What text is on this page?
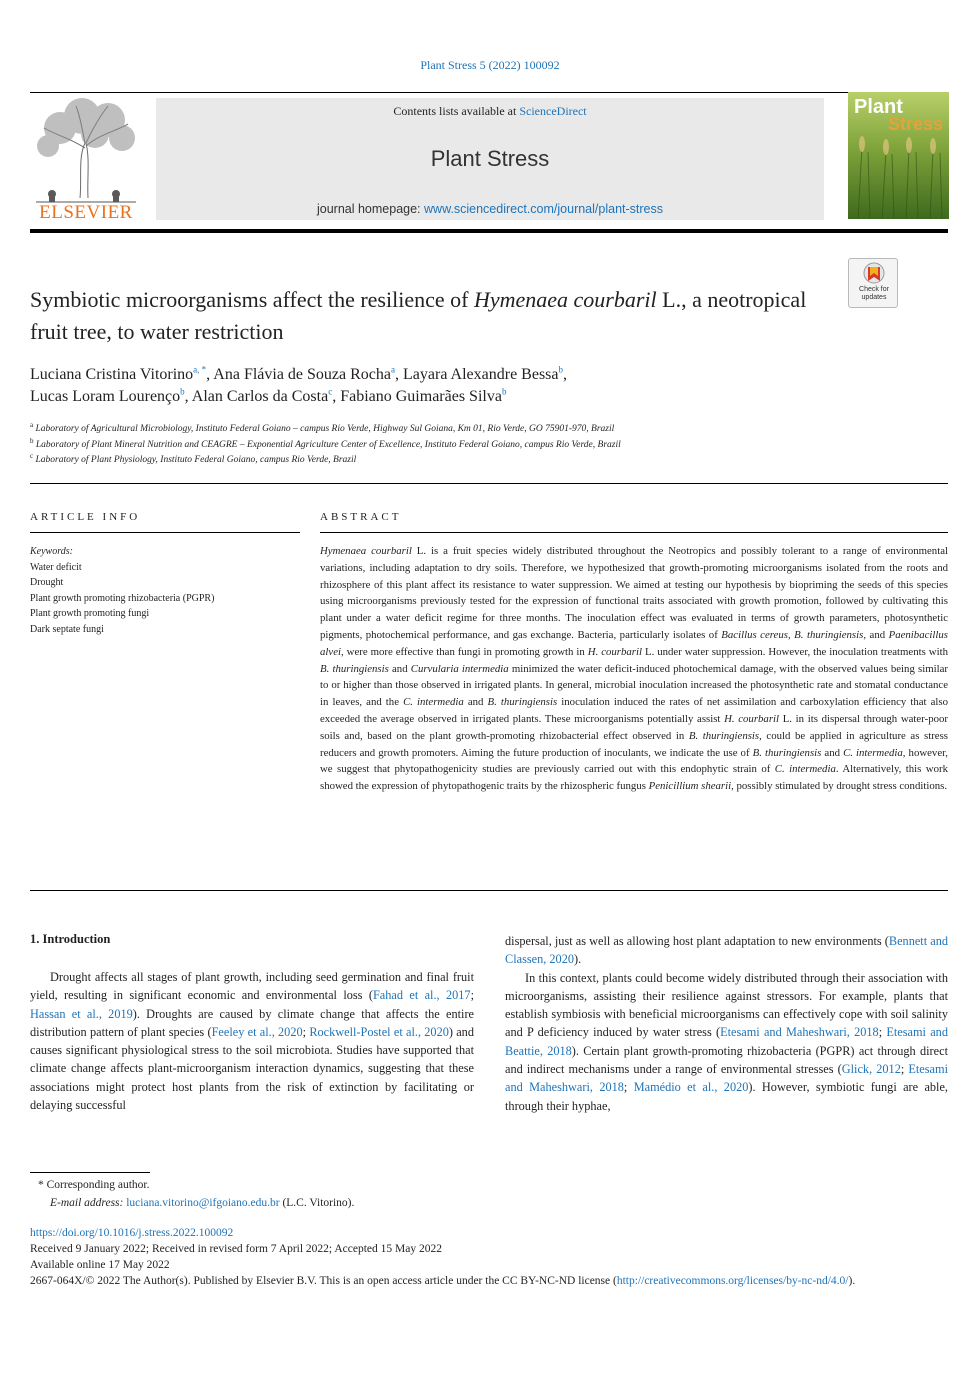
Plant Stress 5 (2022) 100092
ELSEVIER
Contents lists available at ScienceDirect
Plant Stress
journal homepage: www.sciencedirect.com/journal/plant-stress
Plant
Stress
Check for
updates
Symbiotic microorganisms affect the resilience of Hymenaea courbaril L., a neotropical fruit tree, to water restriction
Luciana Cristina Vitorino$^{a, *}$, Ana Flávia de Souza Rocha$^a$, Layara Alexandre Bessa$^b$,
Lucas Loram Lourenço$^b$, Alan Carlos da Costa$^c$, Fabiano Guimarães Silva$^b$
$^a$ Laboratory of Agricultural Microbiology, Instituto Federal Goiano – campus Rio Verde, Highway Sul Goiana, Km 01, Rio Verde, GO 75901-970, Brazil
$^b$ Laboratory of Plant Mineral Nutrition and CEAGRE – Exponential Agriculture Center of Excellence, Instituto Federal Goiano, campus Rio Verde, Brazil
$^c$ Laboratory of Plant Physiology, Instituto Federal Goiano, campus Rio Verde, Brazil
ARTICLE INFO
Keywords:
Water deficit
Drought
Plant growth promoting rhizobacteria (PGPR)
Plant growth promoting fungi
Dark septate fungi
ABSTRACT
Hymenaea courbaril L. is a fruit species widely distributed throughout the Neotropics and possibly tolerant to a range of environmental variations, including adaptation to dry soils. Therefore, we hypothesized that growth-promoting microorganisms isolated from the roots and rhizosphere of this plant affect its resistance to water suppression. We aimed at testing our hypothesis by biopriming the seeds of this species using microorganisms previously tested for the expression of functional traits associated with growth promotion, followed by cultivating this plant under a water deficit regime for three months. The inoculation effect was evaluated in terms of growth parameters, photosynthetic pigments, photochemical performance, and gas exchange. Bacteria, particularly isolates of Bacillus cereus, B. thuringiensis, and Paenibacillus alvei, were more effective than fungi in promoting growth in H. courbaril L. under water suppression. However, the inoculation treatments with B. thuringiensis and Curvularia intermedia minimized the water deficit-induced photochemical damage, with the observed values being similar to or higher than those observed in irrigated plants. In general, microbial inoculation increased the photosynthetic rate and stomatal conductance in leaves, and the C. intermedia and B. thuringiensis inoculation induced the rates of net assimilation and carboxylation efficiency that also exceeded the average observed in irrigated plants. These microorganisms potentially assist H. courbaril L. in its dispersal through water-poor soils and, based on the plant growth-promoting rhizobacterial effect observed in B. thuringiensis, could be applied in agriculture as stress reducers and growth promoters. Aiming the future production of inoculants, we indicate the use of B. thuringiensis and C. intermedia, however, we suggest that phytopathogenicity studies are previously carried out with this endophytic strain of C. intermedia. Alternatively, this work showed the expression of phytopathogenic traits by the rhizospheric fungus Penicillium shearii, possibly stimulated by drought stress conditions.
1. Introduction

Drought affects all stages of plant growth, including seed germination and final fruit yield, resulting in significant economic and environmental loss (Fahad et al., 2017; Hassan et al., 2019). Droughts are caused by climate change that affects the entire distribution pattern of plant species (Feeley et al., 2020; Rockwell-Postel et al., 2020) and causes significant physiological stress to the soil microbiota. Studies have supported that climate change affects plant-microorganism interaction dynamics, suggesting that these associations might protect host plants from the risk of extinction by facilitating or delaying successful

dispersal, just as well as allowing host plant adaptation to new environments (Bennett and Classen, 2020).

In this context, plants could become widely distributed through their association with microorganisms, assisting their resilience against stressors. For example, plants that establish symbiosis with beneficial microorganisms can effectively cope with soil salinity and P deficiency induced by water stress (Etesami and Maheshwari, 2018; Etesami and Beattie, 2018). Certain plant growth-promoting rhizobacteria (PGPR) act through direct and indirect mechanisms under a range of environmental stresses (Glick, 2012; Etesami and Maheshwari, 2018; Mamédio et al., 2020). However, symbiotic fungi are able, through their hyphae,

* Corresponding author.
E-mail address: luciana.vitorino@ifgoiano.edu.br (L.C. Vitorino).
https://doi.org/10.1016/j.stress.2022.100092
Received 9 January 2022; Received in revised form 7 April 2022; Accepted 15 May 2022
Available online 17 May 2022
2667-064X/© 2022 The Author(s). Published by Elsevier B.V. This is an open access article under the CC BY-NC-ND license (http://creativecommons.org/licenses/by-nc-nd/4.0/).
